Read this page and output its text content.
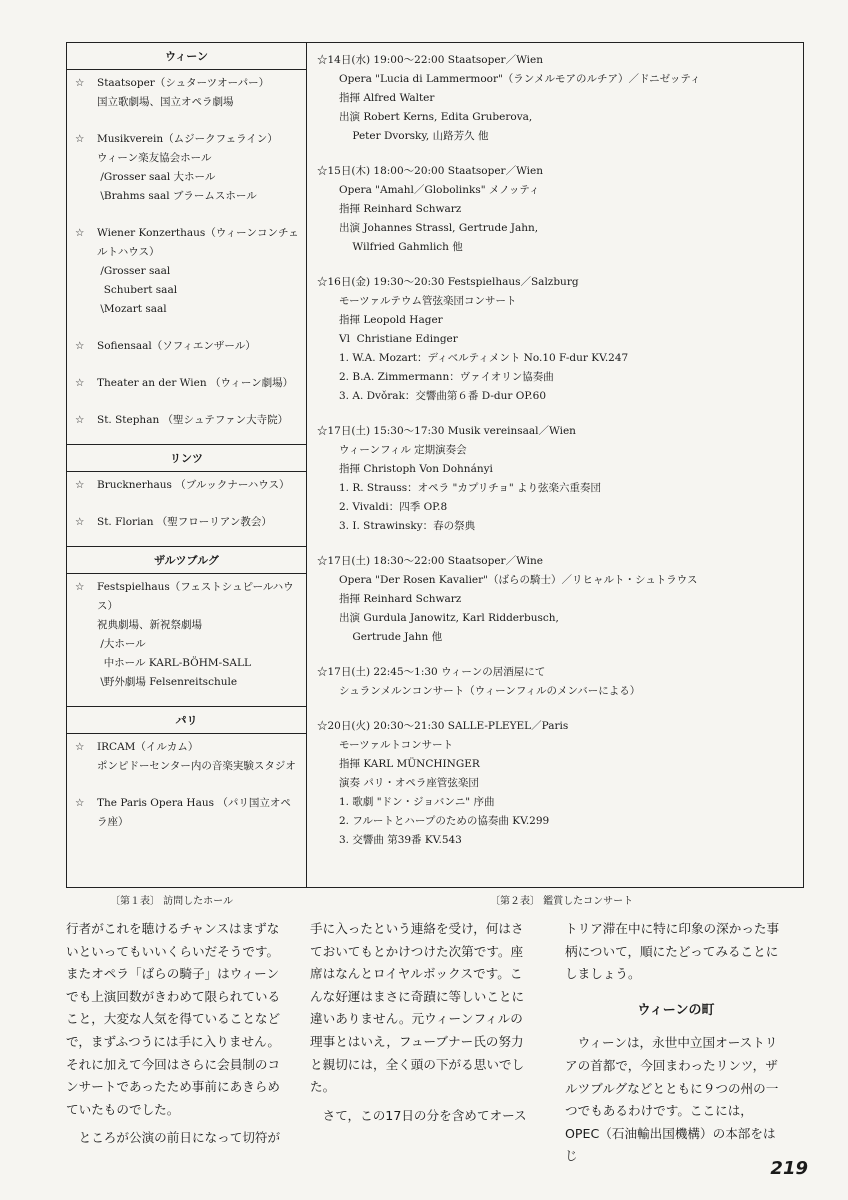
ウィーン
☆	Staatsoper（シュターツオーパー）
国立歌劇場、国立オペラ劇場
☆	Musikverein（ムジークフェライン）
ウィーン楽友協会ホール
/Grosser saal 大ホール
\Brahms saal ブラームスホール
☆	Wiener Konzerthaus（ウィーンコンチェルトハウス）
/Grosser saal
Schubert saal
\Mozart saal
☆	Sofiensaal（ソフィエンザール）
☆	Theater an der Wien （ウィーン劇場）
☆	St. Stephan （聖シュテファン大寺院）
リンツ
☆	Brucknerhaus （ブルックナーハウス）
☆	St. Florian （聖フローリアン教会）
ザルツブルグ
☆	Festspielhaus（フェストシュピールハウス）
祝典劇場、新祝祭劇場
/大ホール
中ホール KARL-BÖHM-SALL
\野外劇場 Felsenreitschule
パリ
☆	IRCAM（イルカム）
ポンピドーセンター内の音楽実験スタジオ
☆	The Paris Opera Haus （パリ国立オペラ座）
☆14日(水) 19:00～22:00 Staatsoper／Wien
Opera "Lucia di Lammermoor"（ランメルモアのルチア）／ドニゼッティ
指揮 Alfred Walter
出演 Robert Kerns, Edita Gruberova,
Peter Dvorsky, 山路芳久 他
☆15日(木) 18:00～20:00 Staatsoper／Wien
Opera "Amahl／Globolinks" メノッティ
指揮 Reinhard Schwarz
出演 Johannes Strassl, Gertrude Jahn,
Wilfried Gahmlich 他
☆16日(金) 19:30～20:30 Festspielhaus／Salzburg
モーツァルテウム管弦楽団コンサート
指揮 Leopold Hager
Vl  Christiane Edinger
1. W.A. Mozart：ディベルティメント No.10 F-dur KV.247
2. B.A. Zimmermann：ヴァイオリン協奏曲
3. A. Dvǒrak：交響曲第６番 D-dur OP.60
☆17日(土) 15:30～17:30 Musik vereinsaal／Wien
ウィーンフィル 定期演奏会
指揮 Christoph Von Dohnányi
1. R. Strauss：オペラ "カプリチョ" より弦楽六重奏団
2. Vivaldi：四季 OP.8
3. I. Strawinsky：春の祭典
☆17日(土) 18:30～22:00 Staatsoper／Wine
Opera "Der Rosen Kavalier"（ばらの騎士）／リヒャルト・シュトラウス
指揮 Reinhard Schwarz
出演 Gurdula Janowitz, Karl Ridderbusch,
Gertrude Jahn 他
☆17日(土) 22:45～1:30 ウィーンの居酒屋にて
シュランメルンコンサート（ウィーンフィルのメンバーによる）
☆20日(火) 20:30～21:30 SALLE-PLEYEL／Paris
モーツァルトコンサート
指揮 KARL MÜNCHINGER
演奏 パリ・オペラ座管弦楽団
1. 歌劇 "ドン・ジョバンニ" 序曲
2. フルートとハープのための協奏曲 KV.299
3. 交響曲 第39番 KV.543
〔第１表〕 訪問したホール	〔第２表〕 鑑賞したコンサート

行者がこれを聴けるチャンスはまずないといってもいいくらいだそうです。またオペラ「ばらの騎子」はウィーンでも上演回数がきわめて限られていること，大変な人気を得ていることなどで，まずふつうには手に入りません。それに加えて今回はさらに会員制のコンサートであったため事前にあきらめていたものでした。

　ところが公演の前日になって切符が

手に入ったという連絡を受け，何はさておいてもとかけつけた次第です。座席はなんとロイヤルボックスです。こんな好運はまさに奇蹟に等しいことに違いありません。元ウィーンフィルの理事とはいえ，フューブナー氏の努力と親切には，全く頭の下がる思いでした。

　さて，この17日の分を含めてオース

トリア滞在中に特に印象の深かった事柄について，順にたどってみることにしましょう。

ウィーンの町

　ウィーンは，永世中立国オーストリアの首都で，今回まわったリンツ，ザルツブルグなどとともに９つの州の一つでもあるわけです。ここには，OPEC（石油輸出国機構）の本部をはじ

219
